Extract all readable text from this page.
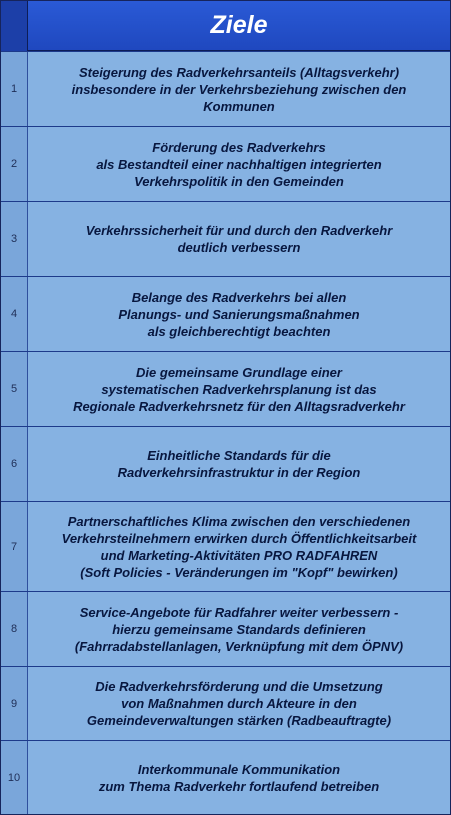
Ziele
1
Steigerung des Radverkehrsanteils (Alltagsverkehr)
insbesondere in der Verkehrsbeziehung zwischen den
Kommunen
2
Förderung des Radverkehrs
als Bestandteil einer nachhaltigen integrierten
Verkehrspolitik in den Gemeinden
3
Verkehrssicherheit für und durch den Radverkehr
deutlich verbessern
4
Belange des Radverkehrs bei allen
Planungs- und Sanierungsmaßnahmen
als gleichberechtigt beachten
5
Die gemeinsame Grundlage einer
systematischen Radverkehrsplanung ist das
Regionale Radverkehrsnetz für den Alltagsradverkehr
6
Einheitliche Standards für die
Radverkehrsinfrastruktur in der Region
7
Partnerschaftliches Klima zwischen den verschiedenen
Verkehrsteilnehmern erwirken durch Öffentlichkeitsarbeit
und Marketing-Aktivitäten PRO RADFAHREN
(Soft Policies - Veränderungen im "Kopf" bewirken)
8
Service-Angebote für Radfahrer weiter verbessern -
hierzu gemeinsame Standards definieren
(Fahrradabstellanlagen, Verknüpfung mit dem ÖPNV)
9
Die Radverkehrsförderung und die Umsetzung
von Maßnahmen durch Akteure in den
Gemeindeverwaltungen stärken (Radbeauftragte)
10
Interkommunale Kommunikation
zum Thema Radverkehr fortlaufend betreiben
